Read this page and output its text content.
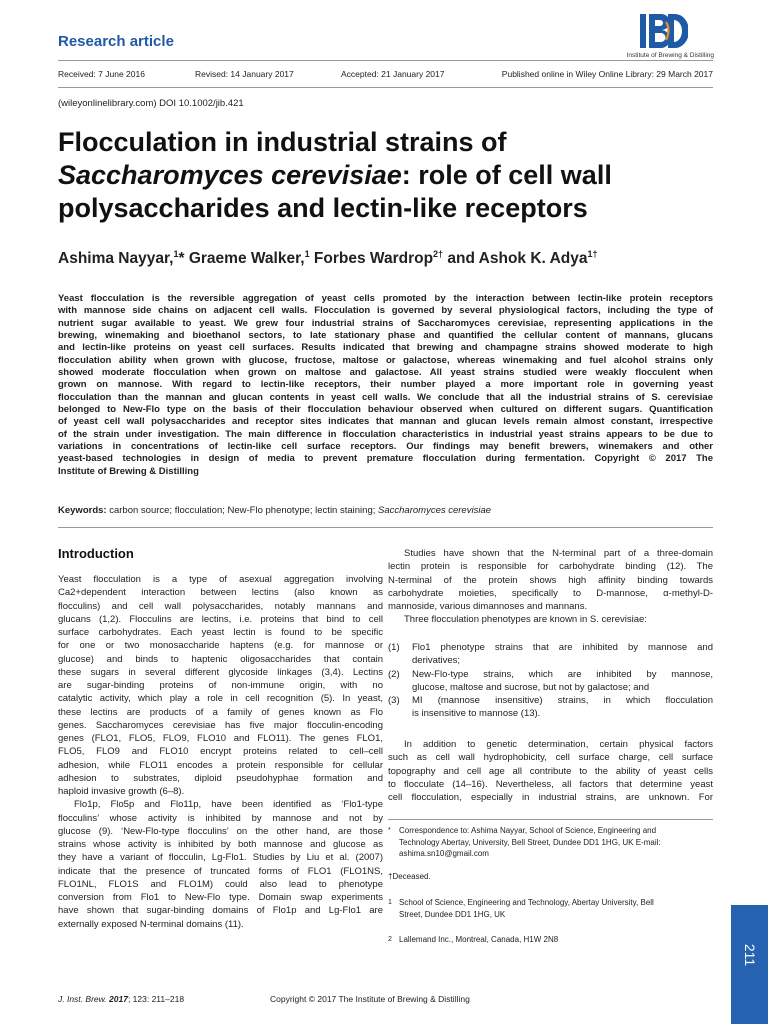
Research article
Institute of Brewing & Distilling
Received: 7 June 2016	Revised: 14 January 2017	Accepted: 21 January 2017	Published online in Wiley Online Library: 29 March 2017
(wileyonlinelibrary.com) DOI 10.1002/jib.421
Flocculation in industrial strains of
Saccharomyces cerevisiae: role of cell wall
polysaccharides and lectin-like receptors
Ashima Nayyar,$^1$* Graeme Walker,$^1$ Forbes Wardrop$^{2\dagger}$ and Ashok K. Adya$^{1\dagger}$
Yeast flocculation is the reversible aggregation of yeast cells promoted by the interaction between lectin-like protein receptors
with mannose side chains on adjacent cell walls. Flocculation is governed by several physiological factors, including the type of
nutrient sugar available to yeast. We grew four industrial strains of Saccharomyces cerevisiae, representing applications in the
brewing, winemaking and bioethanol sectors, to late stationary phase and quantified the cellular content of mannans, glucans
and lectin-like proteins on yeast cell surfaces. Results indicated that brewing and champagne strains showed moderate to high
flocculation ability when grown with glucose, fructose, maltose or galactose, whereas winemaking and fuel alcohol strains only
showed moderate flocculation when grown on maltose and galactose. All yeast strains studied were weakly flocculent when
grown on mannose. With regard to lectin-like receptors, their number played a more important role in governing yeast
flocculation than the mannan and glucan contents in yeast cell walls. We conclude that all the industrial strains of S. cerevisiae
belonged to New-Flo type on the basis of their flocculation behaviour observed when cultured on different sugars. Quantification
of yeast cell wall polysaccharides and receptor sites indicates that mannan and glucan levels remain almost constant, irrespective
of the strain under investigation. The main difference in flocculation characteristics in industrial yeast strains appears to be due to
variations in concentrations of lectin-like cell surface receptors. Our findings may benefit brewers, winemakers and other
yeast-based technologies in design of media to prevent premature flocculation during fermentation. Copyright © 2017 The
Institute of Brewing & Distilling
Keywords: carbon source; flocculation; New-Flo phenotype; lectin staining; Saccharomyces cerevisiae
Introduction
Yeast flocculation is a type of asexual aggregation involving
Ca2+dependent interaction between lectins (also known as
flocculins) and cell wall polysaccharides, notably mannans and
glucans (1,2). Flocculins are lectins, i.e. proteins that bind to cell
surface carbohydrates. Each yeast lectin is found to be specific
for one or two monosaccharide haptens (e.g. for mannose or
glucose) and binds to haptenic oligosaccharides that contain
these sugars in several different glycoside linkages (3,4). Lectins
are sugar-binding proteins of non-immune origin, with no
catalytic activity, which play a role in cell recognition (5). In yeast,
these lectins are products of a family of genes known as Flo
genes. Saccharomyces cerevisiae has five major flocculin-encoding
genes (FLO1, FLO5, FLO9, FLO10 and FLO11). The genes FLO1,
FLO5, FLO9 and FLO10 encrypt proteins related to cell–cell
adhesion, while FLO11 encodes a protein responsible for cellular
adhesion to substrates, diploid pseudohyphae formation and
haploid invasive growth (6–8).
Flo1p, Flo5p and Flo11p, have been identified as ‘Flo1-type
flocculins’ whose activity is inhibited by mannose and not by
glucose (9). ‘New-Flo-type flocculins’ on the other hand, are those
strains whose activity is inhibited by both mannose and glucose as
they have a variant of flocculin, Lg-Flo1. Studies by Liu et al. (2007)
indicate that the presence of truncated forms of FLO1 (FLO1NS,
FLO1NL, FLO1S and FLO1M) could also lead to phenotype
conversion from Flo1 to New-Flo type. Domain swap experiments
have shown that sugar-binding domains of Flo1p and Lg-Flo1 are
externally exposed N-terminal domains (11).
Studies have shown that the N-terminal part of a three-domain
lectin protein is responsible for carbohydrate binding (12). The
N-terminal of the protein shows high affinity binding towards
carbohydrate moieties, specifically to D-mannose, α-methyl-D-
mannoside, various dimannoses and mannans.
Three flocculation phenotypes are known in S. cerevisiae:
(1) Flo1 phenotype strains that are inhibited by mannose and
derivatives;
(2) New-Flo-type strains, which are inhibited by mannose,
glucose, maltose and sucrose, but not by galactose; and
(3) MI (mannose insensitive) strains, in which flocculation
is insensitive to mannose (13).
In addition to genetic determination, certain physical factors
such as cell wall hydrophobicity, cell surface charge, cell surface
topography and cell age all contribute to the ability of yeast cells
to flocculate (14–16). Nevertheless, all factors that determine yeast
cell flocculation, especially in industrial strains, are unknown. For
* Correspondence to: Ashima Nayyar, School of Science, Engineering and
Technology Abertay, University, Bell Street, Dundee DD1 1HG, UK E-mail:
ashima.sn10@gmail.com
†Deceased.
1 School of Science, Engineering and Technology, Abertay University, Bell
Street, Dundee DD1 1HG, UK
2 Lallemand Inc., Montreal, Canada, H1W 2N8
J. Inst. Brew. 2017; 123: 211–218	Copyright © 2017 The Institute of Brewing & Distilling
211
